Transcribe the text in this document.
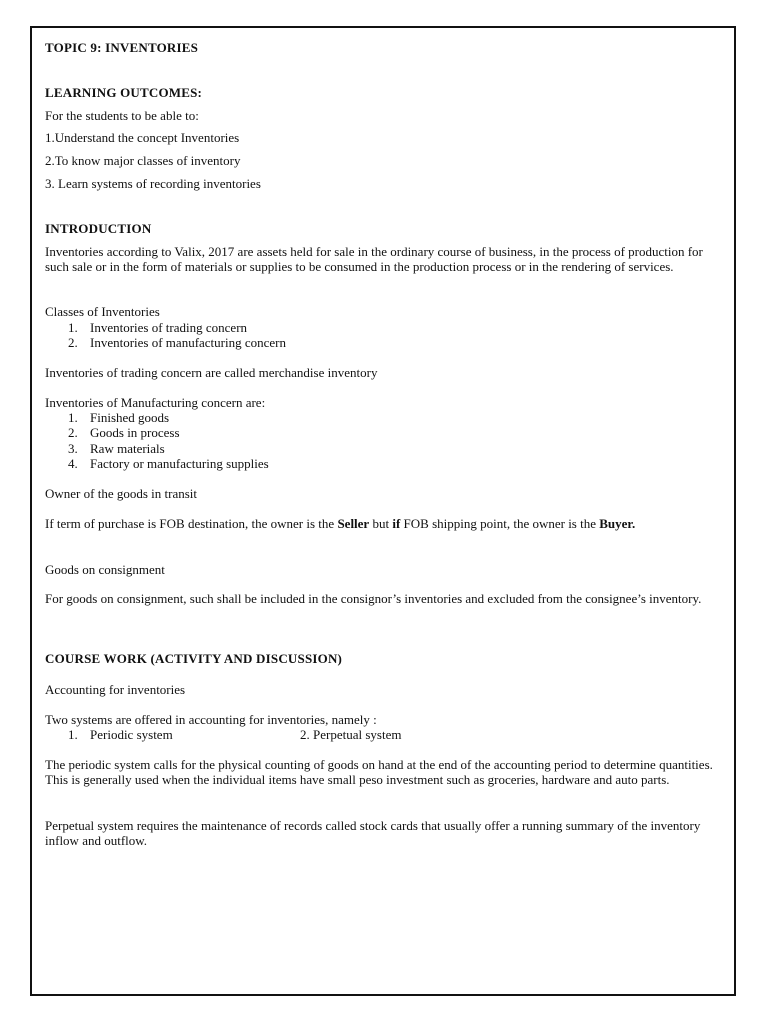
TOPIC 9: INVENTORIES
LEARNING OUTCOMES:
For the students to be able to:
1.Understand the concept Inventories
2.To know major classes of inventory
3. Learn systems of recording inventories
INTRODUCTION
Inventories according to Valix, 2017 are assets held for sale in the ordinary course of business, in the process of production for such sale or in the form of materials or supplies to be consumed in the production process or in the rendering of services.
Classes of Inventories
1. Inventories of trading concern
2. Inventories of manufacturing concern
Inventories of trading concern are called merchandise inventory
Inventories of Manufacturing concern are:
1. Finished goods
2. Goods in process
3. Raw materials
4. Factory or manufacturing supplies
Owner of the goods in transit
If term of purchase is FOB destination, the owner is the Seller but if FOB shipping point, the owner is the Buyer.
Goods on consignment
For goods on consignment, such shall be included in the consignor’s inventories and excluded from the consignee’s inventory.
COURSE WORK (ACTIVITY AND DISCUSSION)
Accounting for inventories
Two systems are offered in accounting for inventories, namely :
1. Periodic system	2. Perpetual system
The periodic system calls for the physical counting of goods on hand at the end of the accounting period to determine quantities. This is generally used when the individual items have small peso investment such as groceries, hardware and auto parts.
Perpetual system requires the maintenance of records called stock cards that usually offer a running summary of the inventory inflow and outflow.
